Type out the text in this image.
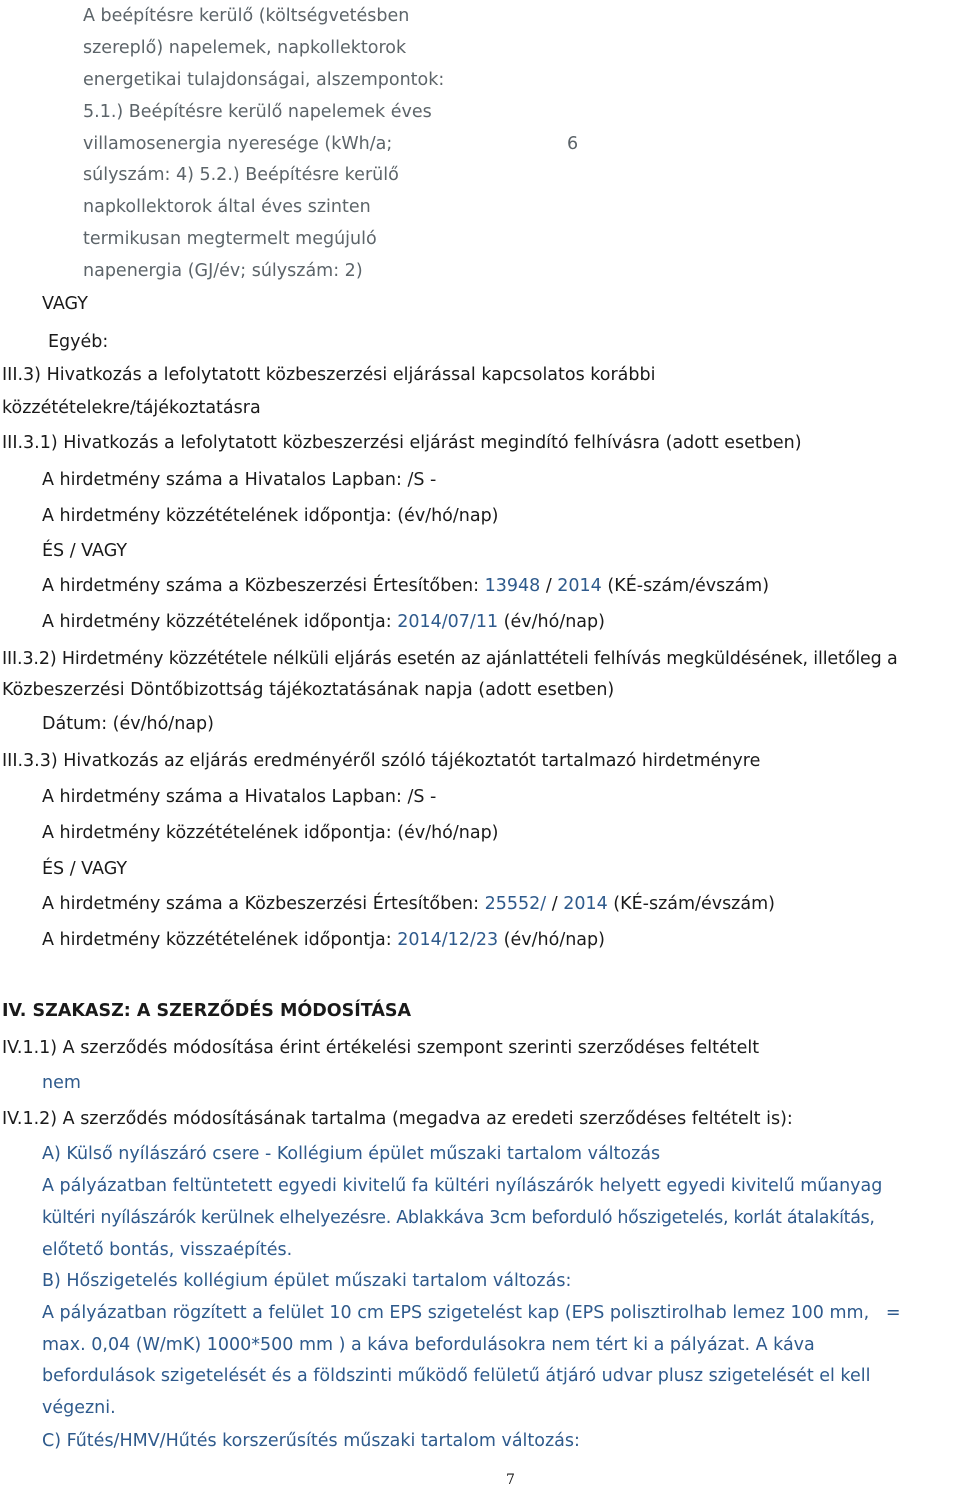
A beépítésre kerülő (költségvetésben
szereplő) napelemek, napkollektorok
energetikai tulajdonságai, alszempontok:
5.1.) Beépítésre kerülő napelemek éves
villamosenergia nyeresége (kWh/a;	6
súlyszám: 4) 5.2.) Beépítésre kerülő
napkollektorok által éves szinten
termikusan megtermelt megújuló
napenergia (GJ/év; súlyszám: 2)
VAGY
Egyéb:
III.3) Hivatkozás a lefolytatott közbeszerzési eljárással kapcsolatos korábbi
közzétételekre/tájékoztatásra
III.3.1) Hivatkozás a lefolytatott közbeszerzési eljárást megindító felhívásra (adott esetben)
A hirdetmény száma a Hivatalos Lapban: /S -
A hirdetmény közzétételének időpontja: (év/hó/nap)
ÉS / VAGY
A hirdetmény száma a Közbeszerzési Értesítőben: 13948 / 2014 (KÉ-szám/évszám)
A hirdetmény közzétételének időpontja: 2014/07/11 (év/hó/nap)
III.3.2) Hirdetmény közzététele nélküli eljárás esetén az ajánlattételi felhívás megküldésének, illetőleg a
Közbeszerzési Döntőbizottság tájékoztatásának napja (adott esetben)
Dátum: (év/hó/nap)
III.3.3) Hivatkozás az eljárás eredményéről szóló tájékoztatót tartalmazó hirdetményre
A hirdetmény száma a Hivatalos Lapban: /S -
A hirdetmény közzétételének időpontja: (év/hó/nap)
ÉS / VAGY
A hirdetmény száma a Közbeszerzési Értesítőben: 25552/ / 2014 (KÉ-szám/évszám)
A hirdetmény közzétételének időpontja: 2014/12/23 (év/hó/nap)
IV. SZAKASZ: A SZERZŐDÉS MÓDOSÍTÁSA
IV.1.1) A szerződés módosítása érint értékelési szempont szerinti szerződéses feltételt
nem
IV.1.2) A szerződés módosításának tartalma (megadva az eredeti szerződéses feltételt is):
A) Külső nyílászáró csere - Kollégium épület műszaki tartalom változás
A pályázatban feltüntetett egyedi kivitelű fa kültéri nyílászárók helyett egyedi kivitelű műanyag
kültéri nyílászárók kerülnek elhelyezésre. Ablakkáva 3cm beforduló hőszigetelés, korlát átalakítás,
előtető bontás, visszaépítés.
B) Hőszigetelés kollégium épület műszaki tartalom változás:
A pályázatban rögzített a felület 10 cm EPS szigetelést kap (EPS polisztirolhab lemez 100 mm,   =
max. 0,04 (W/mK) 1000*500 mm ) a káva befordulásokra nem tért ki a pályázat. A káva
befordulások szigetelését és a földszinti működő felületű átjáró udvar plusz szigetelését el kell
végezni.
C) Fűtés/HMV/Hűtés korszerűsítés műszaki tartalom változás:
7
